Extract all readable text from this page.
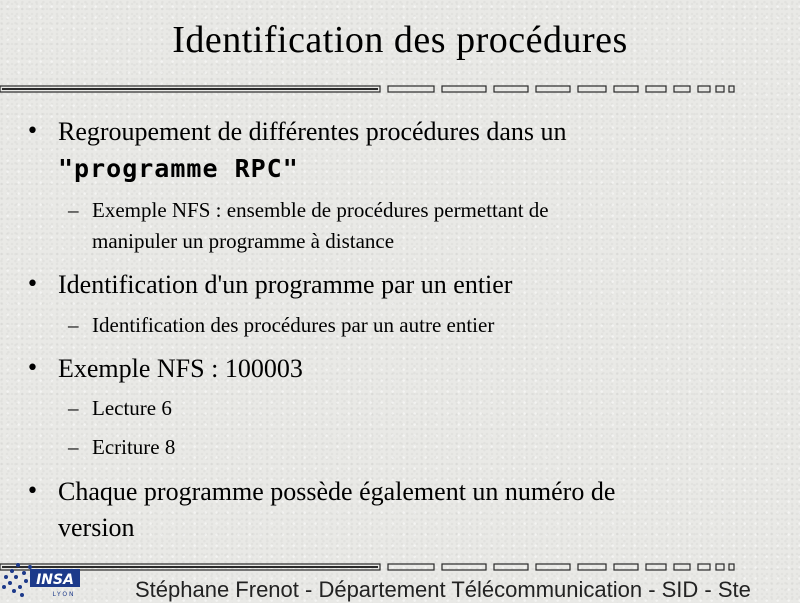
Identification des procédures
• Regroupement de différentes procédures dans un
"programme RPC"
– Exemple NFS : ensemble de procédures permettant de
manipuler un programme à distance
• Identification d'un programme par un entier
– Identification des procédures par un autre entier
• Exemple NFS : 100003
– Lecture 6
– Ecriture 8
• Chaque programme possède également un numéro de
version
INSA
LYON	Stéphane Frenot - Département Télécommunication - SID - Ste
